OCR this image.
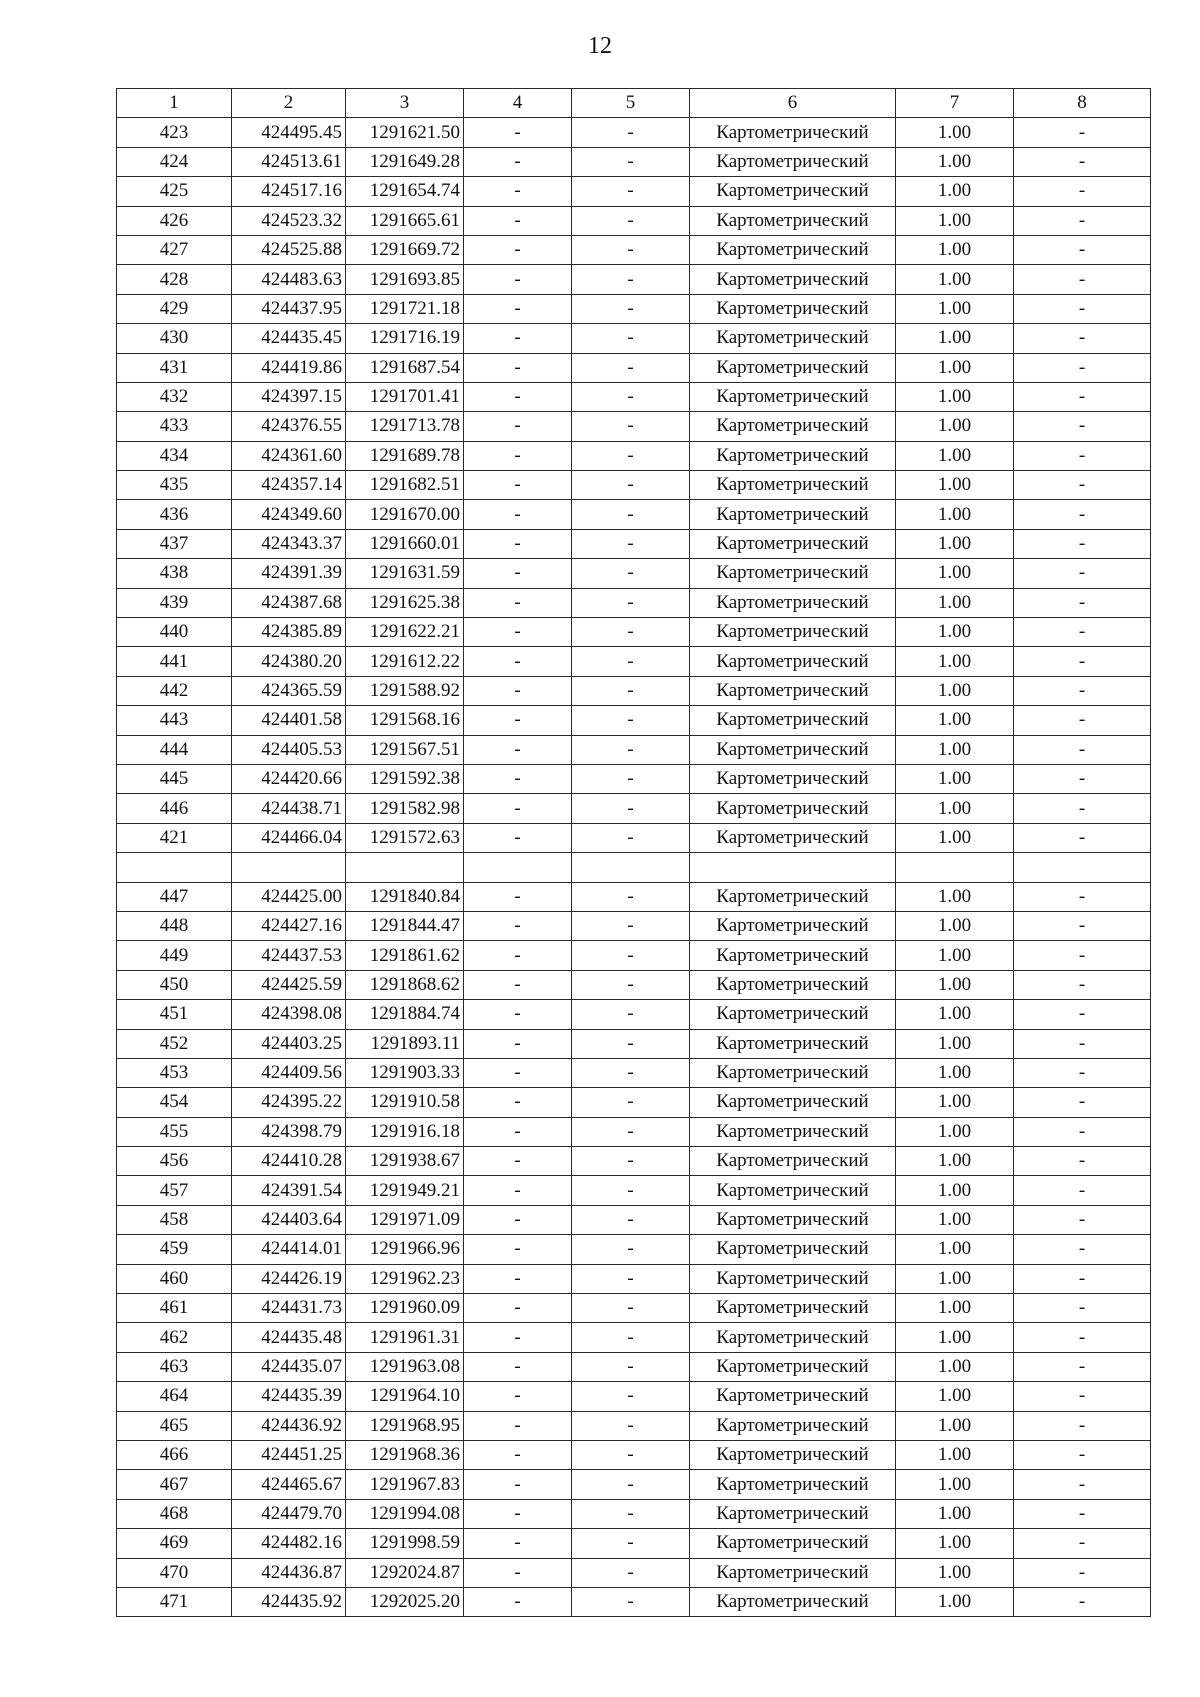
12
1	2	3	4	5	6	7	8
423	424495.45	1291621.50	-	-	Картометрический	1.00	-
424	424513.61	1291649.28	-	-	Картометрический	1.00	-
425	424517.16	1291654.74	-	-	Картометрический	1.00	-
426	424523.32	1291665.61	-	-	Картометрический	1.00	-
427	424525.88	1291669.72	-	-	Картометрический	1.00	-
428	424483.63	1291693.85	-	-	Картометрический	1.00	-
429	424437.95	1291721.18	-	-	Картометрический	1.00	-
430	424435.45	1291716.19	-	-	Картометрический	1.00	-
431	424419.86	1291687.54	-	-	Картометрический	1.00	-
432	424397.15	1291701.41	-	-	Картометрический	1.00	-
433	424376.55	1291713.78	-	-	Картометрический	1.00	-
434	424361.60	1291689.78	-	-	Картометрический	1.00	-
435	424357.14	1291682.51	-	-	Картометрический	1.00	-
436	424349.60	1291670.00	-	-	Картометрический	1.00	-
437	424343.37	1291660.01	-	-	Картометрический	1.00	-
438	424391.39	1291631.59	-	-	Картометрический	1.00	-
439	424387.68	1291625.38	-	-	Картометрический	1.00	-
440	424385.89	1291622.21	-	-	Картометрический	1.00	-
441	424380.20	1291612.22	-	-	Картометрический	1.00	-
442	424365.59	1291588.92	-	-	Картометрический	1.00	-
443	424401.58	1291568.16	-	-	Картометрический	1.00	-
444	424405.53	1291567.51	-	-	Картометрический	1.00	-
445	424420.66	1291592.38	-	-	Картометрический	1.00	-
446	424438.71	1291582.98	-	-	Картометрический	1.00	-
421	424466.04	1291572.63	-	-	Картометрический	1.00	-

447	424425.00	1291840.84	-	-	Картометрический	1.00	-
448	424427.16	1291844.47	-	-	Картометрический	1.00	-
449	424437.53	1291861.62	-	-	Картометрический	1.00	-
450	424425.59	1291868.62	-	-	Картометрический	1.00	-
451	424398.08	1291884.74	-	-	Картометрический	1.00	-
452	424403.25	1291893.11	-	-	Картометрический	1.00	-
453	424409.56	1291903.33	-	-	Картометрический	1.00	-
454	424395.22	1291910.58	-	-	Картометрический	1.00	-
455	424398.79	1291916.18	-	-	Картометрический	1.00	-
456	424410.28	1291938.67	-	-	Картометрический	1.00	-
457	424391.54	1291949.21	-	-	Картометрический	1.00	-
458	424403.64	1291971.09	-	-	Картометрический	1.00	-
459	424414.01	1291966.96	-	-	Картометрический	1.00	-
460	424426.19	1291962.23	-	-	Картометрический	1.00	-
461	424431.73	1291960.09	-	-	Картометрический	1.00	-
462	424435.48	1291961.31	-	-	Картометрический	1.00	-
463	424435.07	1291963.08	-	-	Картометрический	1.00	-
464	424435.39	1291964.10	-	-	Картометрический	1.00	-
465	424436.92	1291968.95	-	-	Картометрический	1.00	-
466	424451.25	1291968.36	-	-	Картометрический	1.00	-
467	424465.67	1291967.83	-	-	Картометрический	1.00	-
468	424479.70	1291994.08	-	-	Картометрический	1.00	-
469	424482.16	1291998.59	-	-	Картометрический	1.00	-
470	424436.87	1292024.87	-	-	Картометрический	1.00	-
471	424435.92	1292025.20	-	-	Картометрический	1.00	-
